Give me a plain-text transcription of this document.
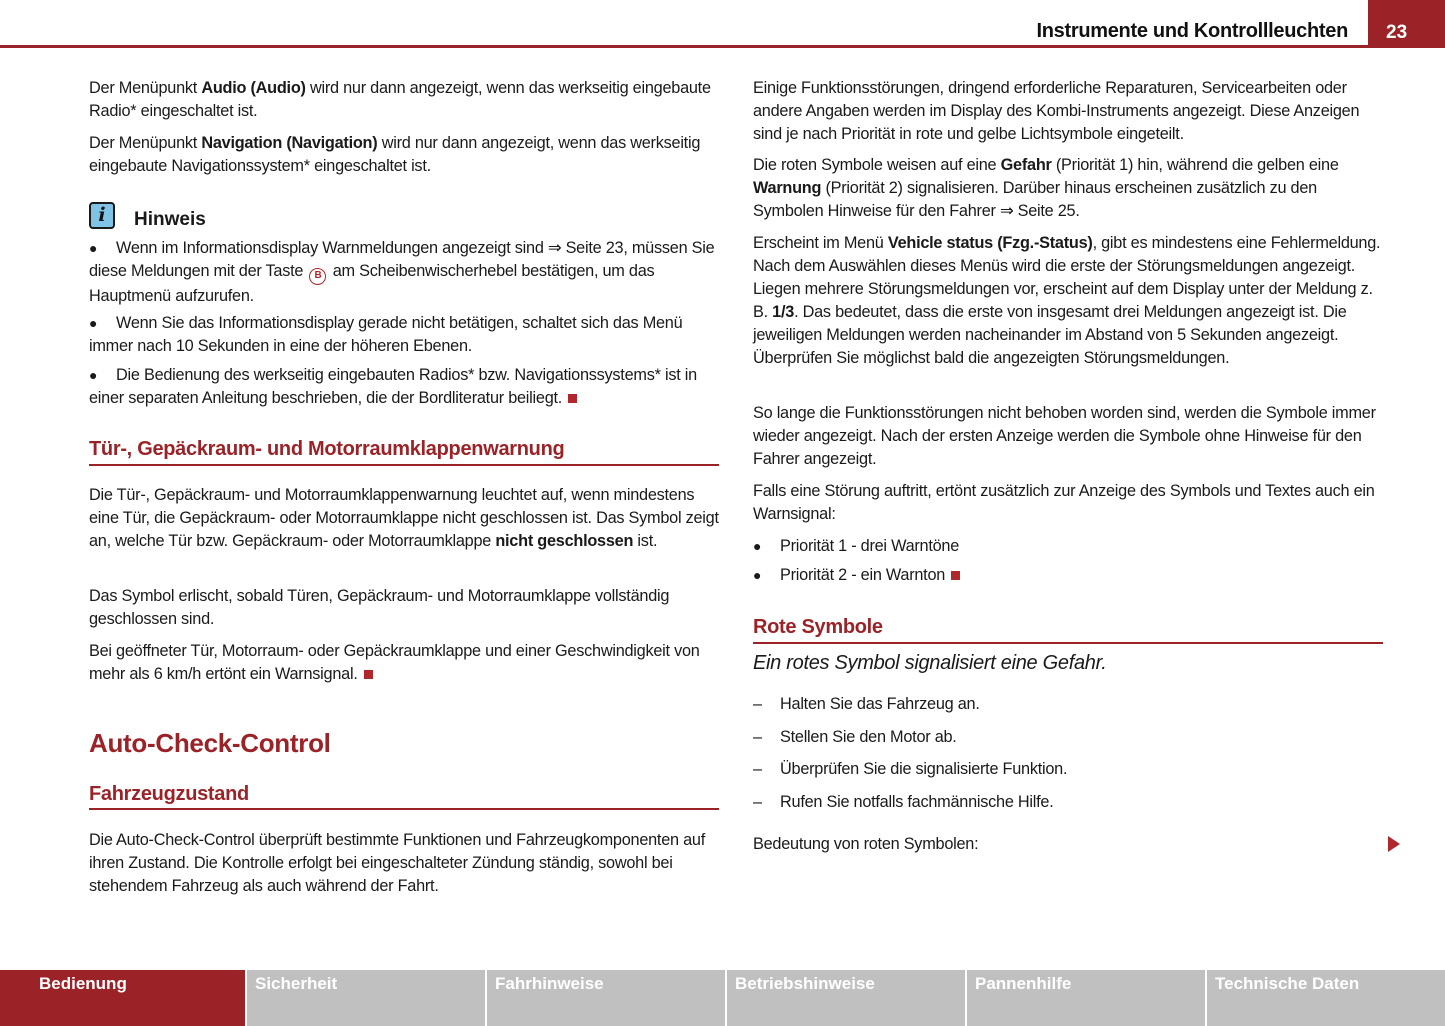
Instrumente und Kontrollleuchten	23
Der Menüpunkt Audio (Audio) wird nur dann angezeigt, wenn das werkseitig eingebaute Radio* eingeschaltet ist.
Der Menüpunkt Navigation (Navigation) wird nur dann angezeigt, wenn das werkseitig eingebaute Navigationssystem* eingeschaltet ist.
i	Hinweis
● Wenn im Informationsdisplay Warnmeldungen angezeigt sind ⇒ Seite 23, müssen Sie diese Meldungen mit der Taste B am Scheibenwischerhebel bestätigen, um das Hauptmenü aufzurufen.
● Wenn Sie das Informationsdisplay gerade nicht betätigen, schaltet sich das Menü immer nach 10 Sekunden in eine der höheren Ebenen.
● Die Bedienung des werkseitig eingebauten Radios* bzw. Navigationssystems* ist in einer separaten Anleitung beschrieben, die der Bordliteratur beiliegt.
Tür-, Gepäckraum- und Motorraumklappenwarnung
Die Tür-, Gepäckraum- und Motorraumklappenwarnung leuchtet auf, wenn mindestens eine Tür, die Gepäckraum- oder Motorraumklappe nicht geschlossen ist. Das Symbol zeigt an, welche Tür bzw. Gepäckraum- oder Motorraumklappe nicht geschlossen ist.
Das Symbol erlischt, sobald Türen, Gepäckraum- und Motorraumklappe vollständig geschlossen sind.
Bei geöffneter Tür, Motorraum- oder Gepäckraumklappe und einer Geschwindigkeit von mehr als 6 km/h ertönt ein Warnsignal.
Auto-Check-Control
Fahrzeugzustand
Die Auto-Check-Control überprüft bestimmte Funktionen und Fahrzeugkomponenten auf ihren Zustand. Die Kontrolle erfolgt bei eingeschalteter Zündung ständig, sowohl bei stehendem Fahrzeug als auch während der Fahrt.
Einige Funktionsstörungen, dringend erforderliche Reparaturen, Servicearbeiten oder andere Angaben werden im Display des Kombi-Instruments angezeigt. Diese Anzeigen sind je nach Priorität in rote und gelbe Lichtsymbole eingeteilt.
Die roten Symbole weisen auf eine Gefahr (Priorität 1) hin, während die gelben eine Warnung (Priorität 2) signalisieren. Darüber hinaus erscheinen zusätzlich zu den Symbolen Hinweise für den Fahrer ⇒ Seite 25.
Erscheint im Menü Vehicle status (Fzg.-Status), gibt es mindestens eine Fehlermeldung. Nach dem Auswählen dieses Menüs wird die erste der Störungsmeldungen angezeigt. Liegen mehrere Störungsmeldungen vor, erscheint auf dem Display unter der Meldung z. B. 1/3. Das bedeutet, dass die erste von insgesamt drei Meldungen angezeigt ist. Die jeweiligen Meldungen werden nacheinander im Abstand von 5 Sekunden angezeigt. Überprüfen Sie möglichst bald die angezeigten Störungsmeldungen.
So lange die Funktionsstörungen nicht behoben worden sind, werden die Symbole immer wieder angezeigt. Nach der ersten Anzeige werden die Symbole ohne Hinweise für den Fahrer angezeigt.
Falls eine Störung auftritt, ertönt zusätzlich zur Anzeige des Symbols und Textes auch ein Warnsignal:
● Priorität 1 - drei Warntöne
● Priorität 2 - ein Warnton
Rote Symbole
Ein rotes Symbol signalisiert eine Gefahr.
– Halten Sie das Fahrzeug an.
– Stellen Sie den Motor ab.
– Überprüfen Sie die signalisierte Funktion.
– Rufen Sie notfalls fachmännische Hilfe.
Bedeutung von roten Symbolen:
Bedienung	Sicherheit	Fahrhinweise	Betriebshinweise	Pannenhilfe	Technische Daten
